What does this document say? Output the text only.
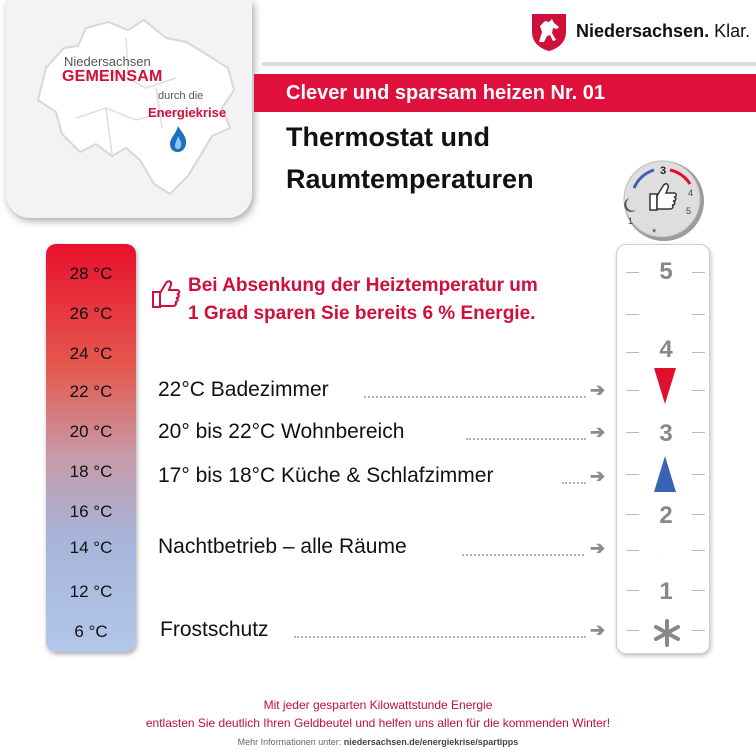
Niedersachsen
GEMEINSAM
durch die
Energiekrise
Niedersachsen. Klar.
Clever und sparsam heizen Nr. 01
Thermostat und
Raumtemperaturen	3
4
5
1
*
28 °C
26 °C
24 °C
22 °C
20 °C
18 °C
16 °C
14 °C
12 °C
6 °C
Bei Absenkung der Heiztemperatur um
1 Grad sparen Sie bereits 6 % Energie.
22°C Badezimmer	➔
20° bis 22°C Wohnbereich	➔
17° bis 18°C Küche & Schlafzimmer	➔
Nachtbetrieb – alle Räume	➔
Frostschutz	➔
5
4
3
2
1
Mit jeder gesparten Kilowattstunde Energie
entlasten Sie deutlich Ihren Geldbeutel und helfen uns allen für die kommenden Winter!
Mehr Informationen unter: niedersachsen.de/energiekrise/spartipps
